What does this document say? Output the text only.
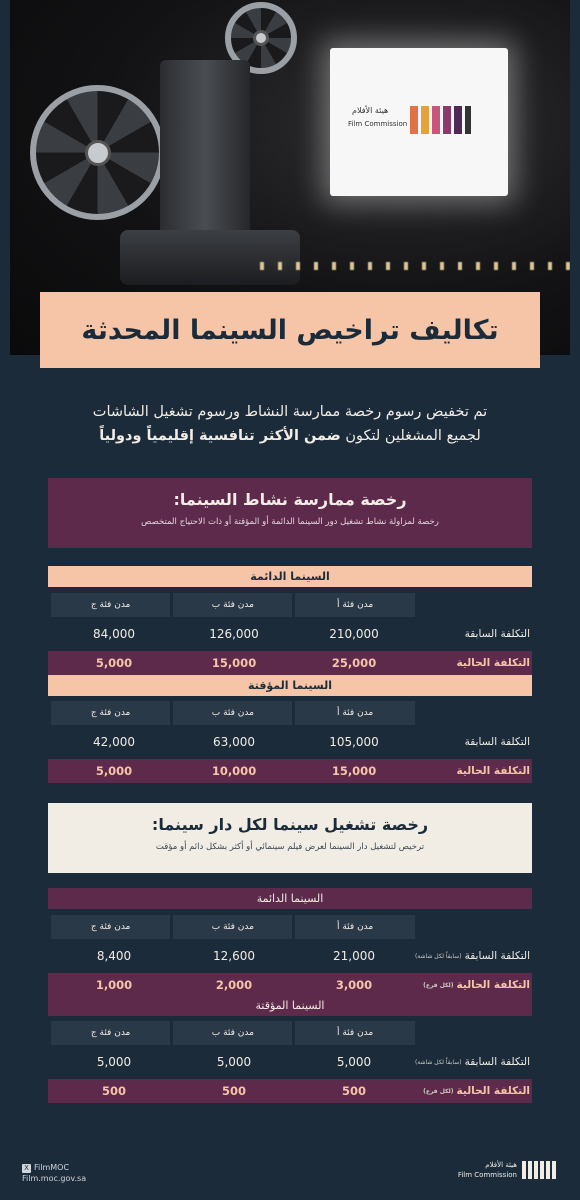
هيئة الأفلام
Film Commission
تكاليف تراخيص السينما المحدثة
تم تخفيض رسوم رخصة ممارسة النشاط ورسوم تشغيل الشاشات
لجميع المشغلين لتكون ضمن الأكثر تنافسية إقليمياً ودولياً
رخصة ممارسة نشاط السينما:
رخصة لمزاولة نشاط تشغيل دور السينما الدائمة أو المؤقتة أو ذات الاحتياج المتخصص
السينما الدائمة
مدن فئة أ
مدن فئة ب
مدن فئة ج
التكلفة السابقة
210,000
126,000
84,000
التكلفة الحالية
25,000
15,000
5,000
السينما المؤقتة
مدن فئة أ
مدن فئة ب
مدن فئة ج
التكلفة السابقة
105,000
63,000
42,000
التكلفة الحالية
15,000
10,000
5,000
رخصة تشغيل سينما لكل دار سينما:
ترخيص لتشغيل دار السينما لعرض فيلم سينمائي أو أكثر بشكل دائم أو مؤقت
السينما الدائمة
مدن فئة أ
مدن فئة ب
مدن فئة ج
التكلفة السابقة
(سابقاً لكل شاشة)
21,000
12,600
8,400
التكلفة الحالية
(لكل فرع)
3,000
2,000
1,000
السينما المؤقتة
مدن فئة أ
مدن فئة ب
مدن فئة ج
التكلفة السابقة
(سابقاً لكل شاشة)
5,000
5,000
5,000
التكلفة الحالية
(لكل فرع)
500
500
500
X FilmMOC
Film.moc.gov.sa
هيئة الأفلام
Film Commission
